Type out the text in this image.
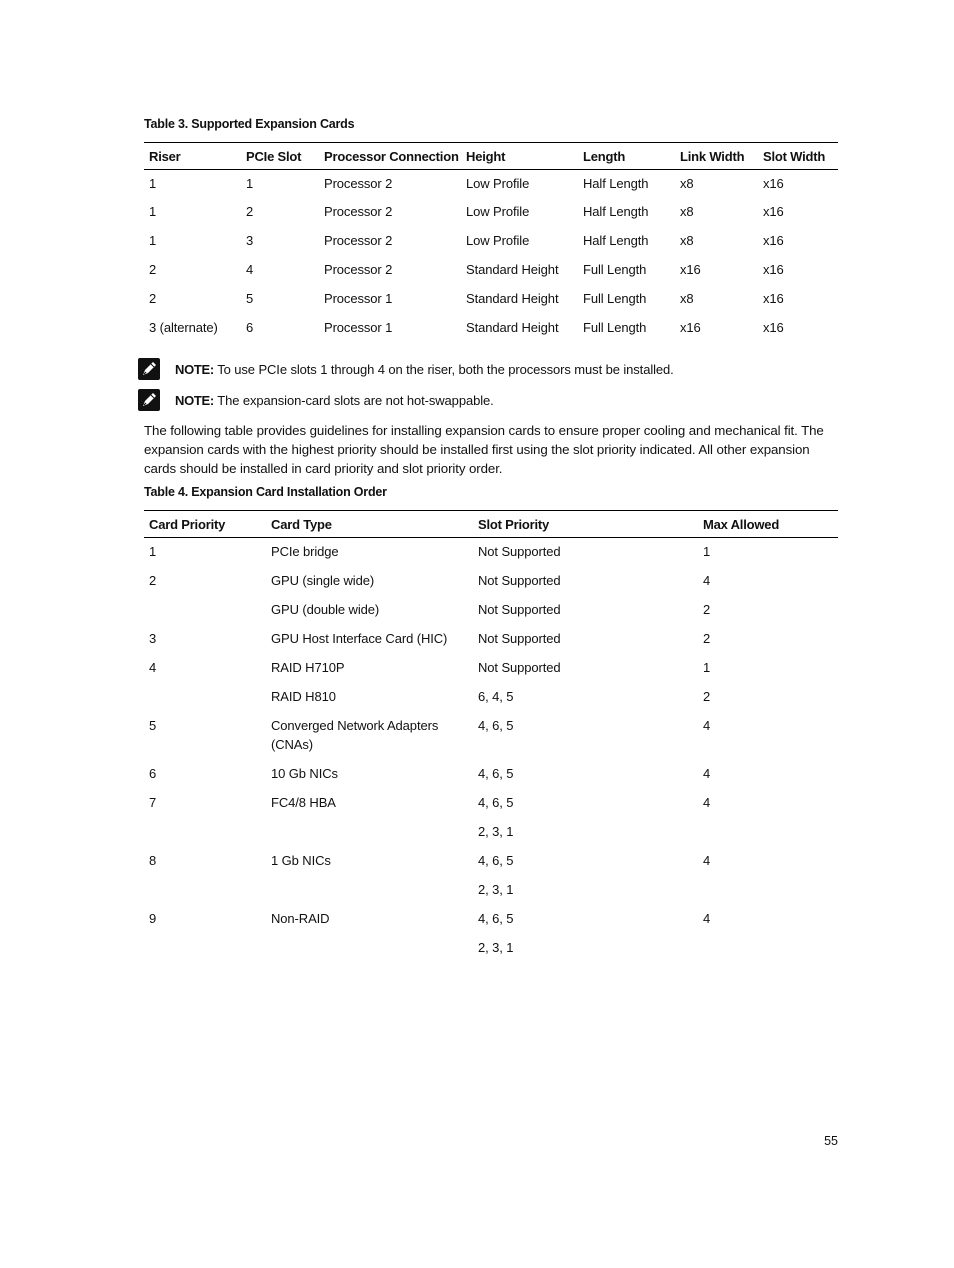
Table 3. Supported Expansion Cards
Riser	PCIe Slot	Processor Connection	Height	Length	Link Width	Slot Width
1	1	Processor 2	Low Profile	Half Length	x8	x16
1	2	Processor 2	Low Profile	Half Length	x8	x16
1	3	Processor 2	Low Profile	Half Length	x8	x16
2	4	Processor 2	Standard Height	Full Length	x16	x16
2	5	Processor 1	Standard Height	Full Length	x8	x16
3 (alternate)	6	Processor 1	Standard Height	Full Length	x16	x16
NOTE: To use PCIe slots 1 through 4 on the riser, both the processors must be installed.
NOTE: The expansion-card slots are not hot-swappable.
The following table provides guidelines for installing expansion cards to ensure proper cooling and mechanical fit. The expansion cards with the highest priority should be installed first using the slot priority indicated. All other expansion cards should be installed in card priority and slot priority order.
Table 4. Expansion Card Installation Order
Card Priority	Card Type	Slot Priority	Max Allowed
1	PCIe bridge	Not Supported	1
2	GPU (single wide)	Not Supported	4
	GPU (double wide)	Not Supported	2
3	GPU Host Interface Card (HIC)	Not Supported	2
4	RAID H710P	Not Supported	1
	RAID H810	6, 4, 5	2

5	Converged Network Adapters (CNAs)	4, 6, 5	4

6	10 Gb NICs	4, 6, 5	4
7	FC4/8 HBA	4, 6, 5	4
		2, 3, 1	
8	1 Gb NICs	4, 6, 5	4
		2, 3, 1	
9	Non-RAID	4, 6, 5	4
		2, 3, 1	
55
